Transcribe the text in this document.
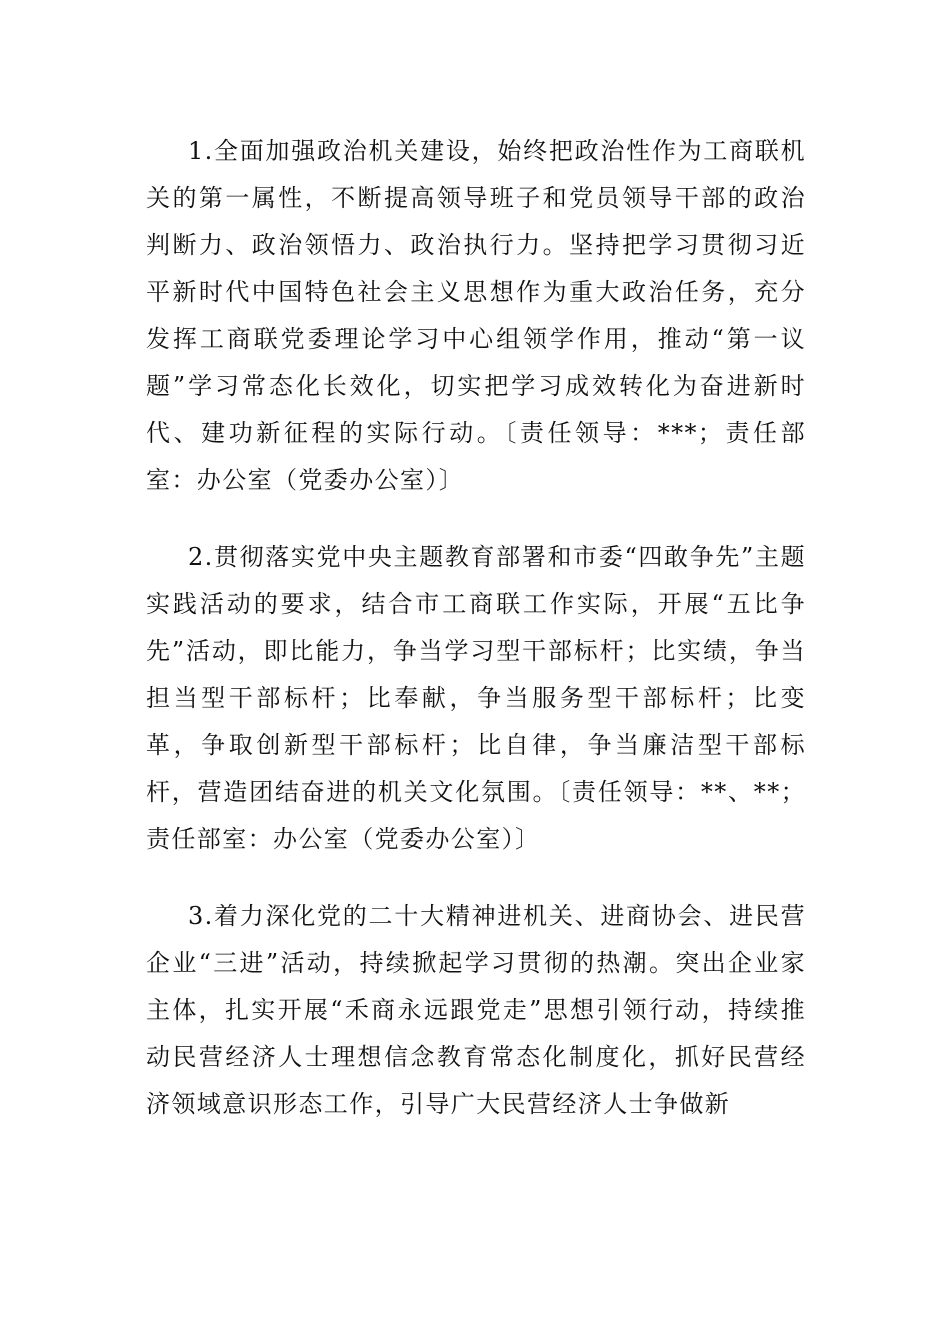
1.全面加强政治机关建设，始终把政治性作为工商联机关的第一属性，不断提高领导班子和党员领导干部的政治判断力、政治领悟力、政治执行力。坚持把学习贯彻习近平新时代中国特色社会主义思想作为重大政治任务，充分发挥工商联党委理论学习中心组领学作用，推动“第一议题”学习常态化长效化，切实把学习成效转化为奋进新时代、建功新征程的实际行动。〔责任领导：***；责任部室：办公室（党委办公室）〕

2.贯彻落实党中央主题教育部署和市委“四敢争先”主题实践活动的要求，结合市工商联工作实际，开展“五比争先”活动，即比能力，争当学习型干部标杆；比实绩，争当担当型干部标杆；比奉献，争当服务型干部标杆；比变革，争取创新型干部标杆；比自律，争当廉洁型干部标杆，营造团结奋进的机关文化氛围。〔责任领导：**、**；责任部室：办公室（党委办公室）〕

3.着力深化党的二十大精神进机关、进商协会、进民营企业“三进”活动，持续掀起学习贯彻的热潮。突出企业家主体，扎实开展“禾商永远跟党走”思想引领行动，持续推动民营经济人士理想信念教育常态化制度化，抓好民营经济领域意识形态工作，引导广大民营经济人士争做新
